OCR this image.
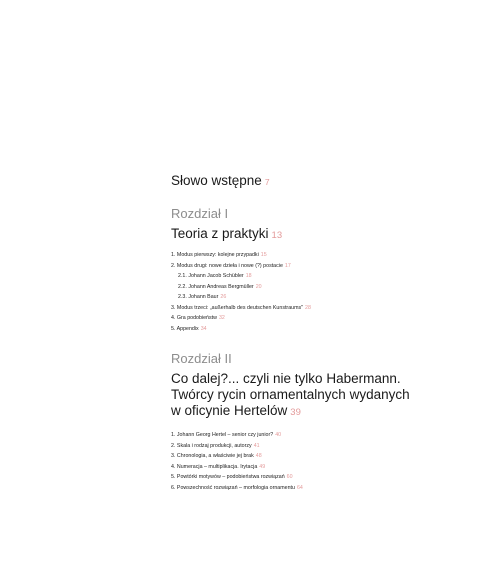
Słowo wstępne 7
Rozdział I
Teoria z praktyki 13
1. Modus pierwszy: kolejne przypadki 15
2. Modus drugi: nowe dzieła i nowe (?) postacie 17
2.1. Johann Jacob Schübler 18
2.2. Johann Andreas Bergmüller 20
2.3. Johann Baur 26
3. Modus trzeci: „außerhalb des deutschen Kunstraums" 28
4. Gra podobieństw 32
5. Appendix 34
Rozdział II
Co dalej?... czyli nie tylko Habermann.
Twórcy rycin ornamentalnych wydanych
w oficynie Hertelów 39
1. Johann Georg Hertel – senior czy junior? 40
2. Skala i rodzaj produkcji, autorzy 41
3. Chronologia, a właściwie jej brak 48
4. Numeracja – multiplikacja. Irytacja 49
5. Powtórki motywów – podobieństwa rozwiązań 60
6. Powszechność rozwiązań – morfologia ornamentu 64
